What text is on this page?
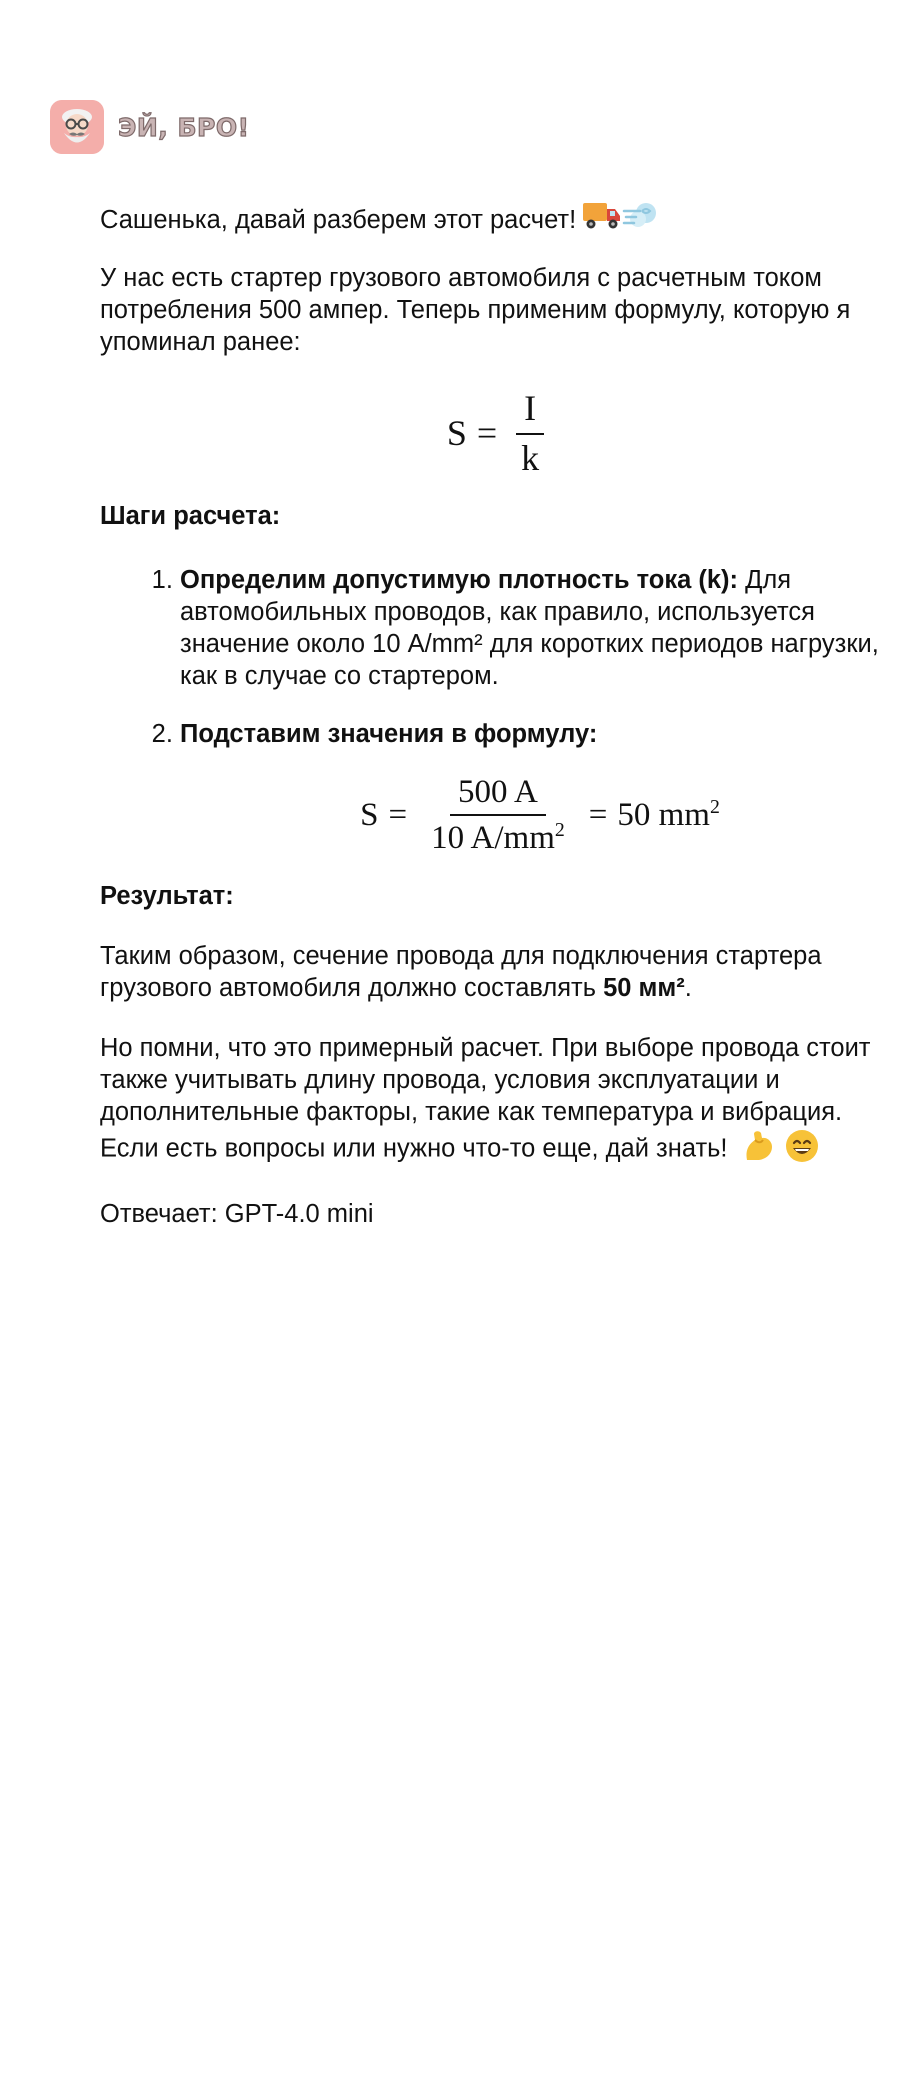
ЭЙ, БРО!

Сашенька, давай разберем этот расчет!

У нас есть стартер грузового автомобиля с расчетным током потребления 500 ампер. Теперь применим формулу, которую я упоминал ранее:

$S = \frac{I}{k}$

Шаги расчета:

1. Определим допустимую плотность тока (k): Для автомобильных проводов, как правило, используется значение около 10 А/mm² для коротких периодов нагрузки, как в случае со стартером.
2. Подставим значения в формулу:
$S = \frac{500 A}{10 A/mm^2} = 50$ $mm^2$

Результат:

Таким образом, сечение провода для подключения стартера грузового автомобиля должно составлять 50 мм².

Но помни, что это примерный расчет. При выборе провода стоит также учитывать длину провода, условия эксплуатации и дополнительные факторы, такие как температура и вибрация. Если есть вопросы или нужно что-то еще, дай знать!

Отвечает: GPT-4.0 mini
